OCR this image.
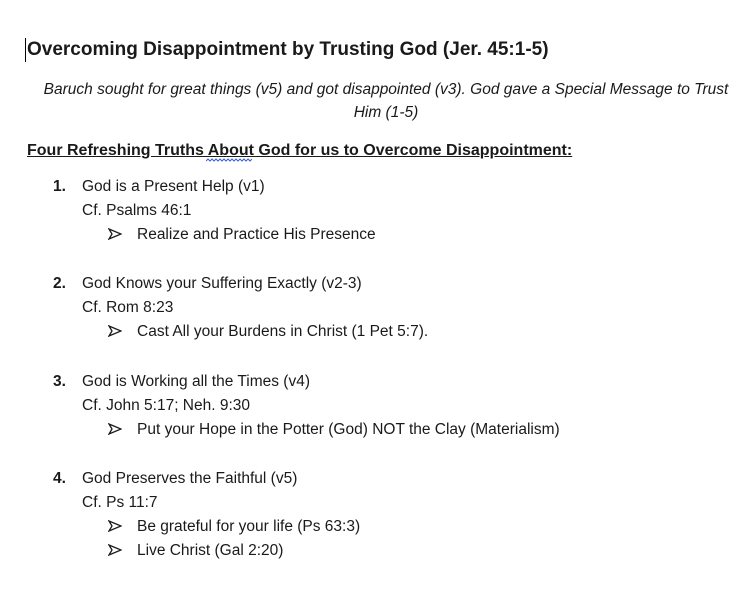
Overcoming Disappointment by Trusting God (Jer. 45:1-5)
Baruch sought for great things (v5) and got disappointed (v3). God gave a Special Message to Trust Him (1-5)
Four Refreshing Truths About God for us to Overcome Disappointment:
1. God is a Present Help (v1)
Cf. Psalms 46:1
Realize and Practice His Presence
2. God Knows your Suffering Exactly (v2-3)
Cf. Rom 8:23
Cast All your Burdens in Christ (1 Pet 5:7).
3. God is Working all the Times (v4)
Cf. John 5:17; Neh. 9:30
Put your Hope in the Potter (God) NOT the Clay (Materialism)
4. God Preserves the Faithful (v5)
Cf. Ps 11:7
Be grateful for your life (Ps 63:3)
Live Christ (Gal 2:20)
